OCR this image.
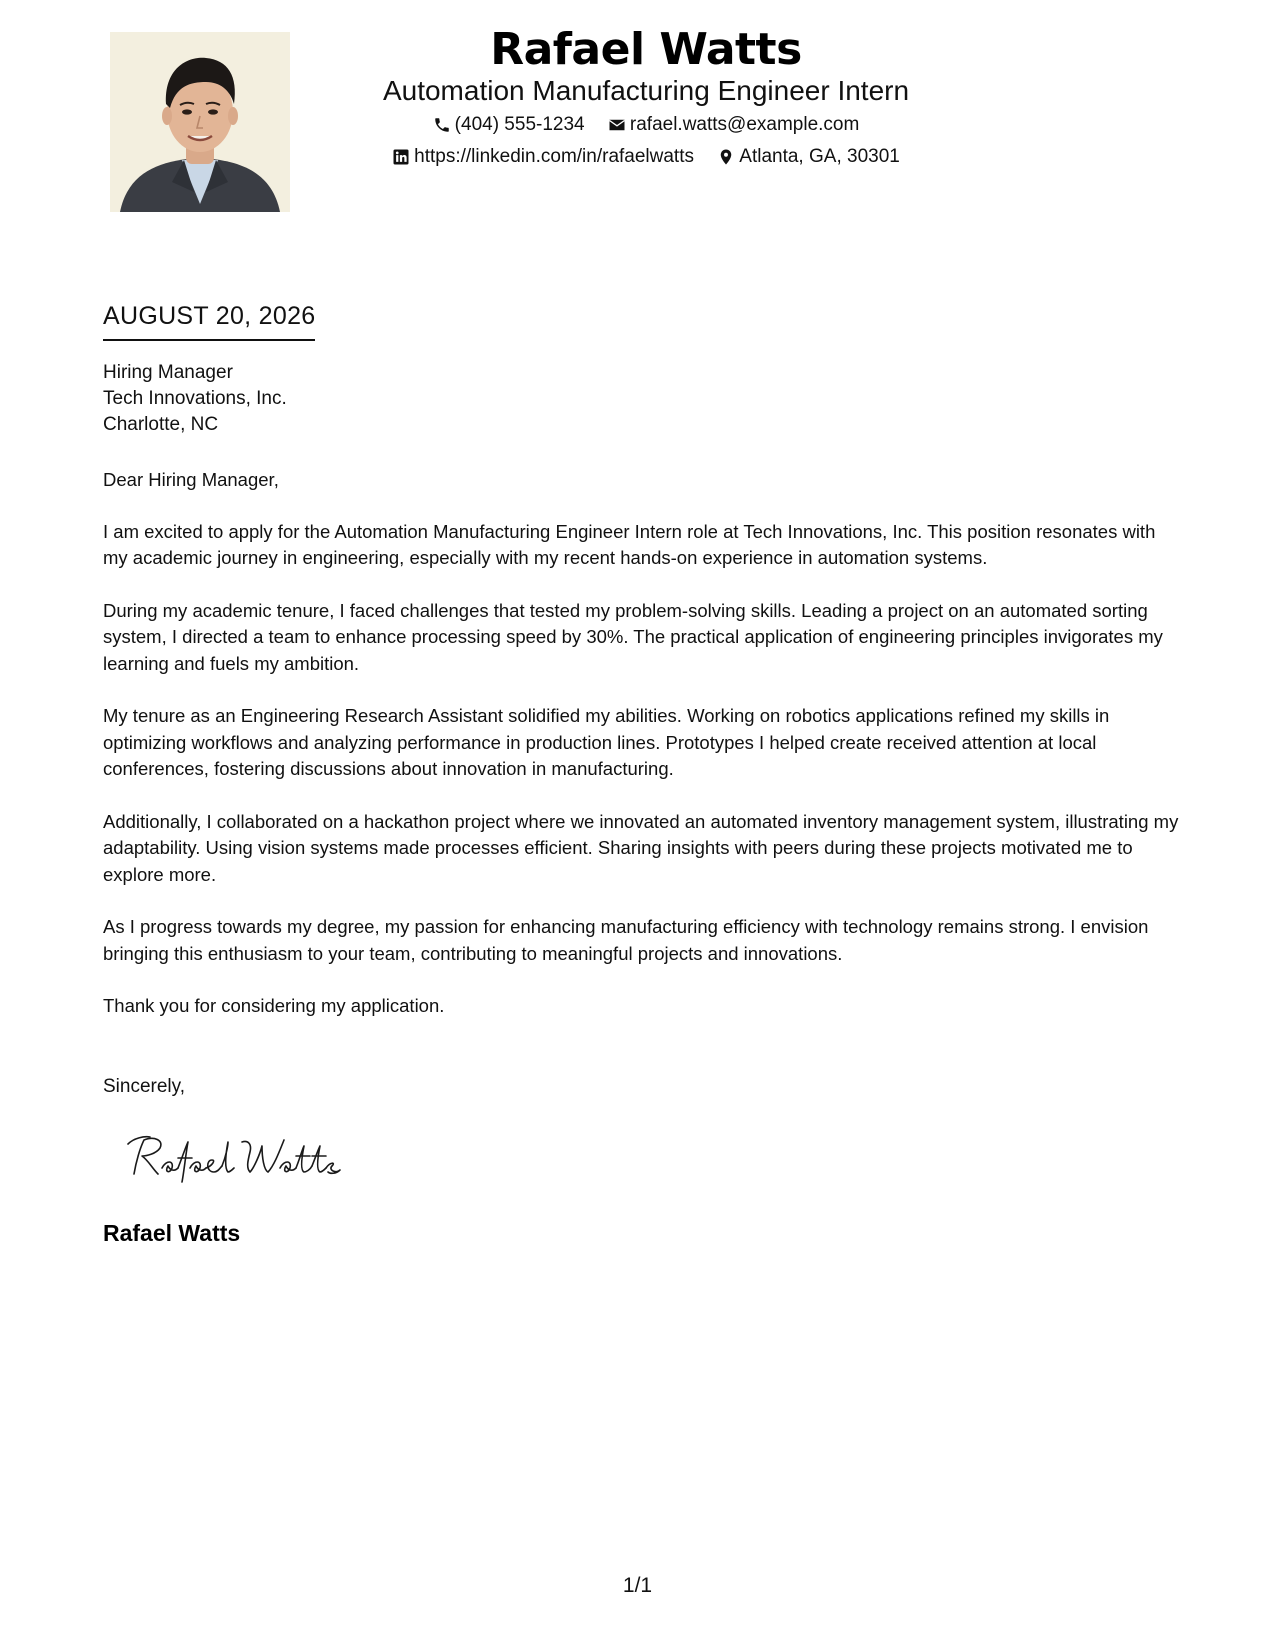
Rafael Watts
Automation Manufacturing Engineer Intern
(404) 555-1234
rafael.watts@example.com
https://linkedin.com/in/rafaelwatts
Atlanta, GA, 30301
AUGUST 20, 2026
Hiring Manager
Tech Innovations, Inc.
Charlotte, NC

Dear Hiring Manager,

I am excited to apply for the Automation Manufacturing Engineer Intern role at Tech Innovations, Inc. This position resonates with my academic journey in engineering, especially with my recent hands-on experience in automation systems.

During my academic tenure, I faced challenges that tested my problem-solving skills. Leading a project on an automated sorting system, I directed a team to enhance processing speed by 30%. The practical application of engineering principles invigorates my learning and fuels my ambition.

My tenure as an Engineering Research Assistant solidified my abilities. Working on robotics applications refined my skills in optimizing workflows and analyzing performance in production lines. Prototypes I helped create received attention at local conferences, fostering discussions about innovation in manufacturing.

Additionally, I collaborated on a hackathon project where we innovated an automated inventory management system, illustrating my adaptability. Using vision systems made processes efficient. Sharing insights with peers during these projects motivated me to explore more.

As I progress towards my degree, my passion for enhancing manufacturing efficiency with technology remains strong. I envision bringing this enthusiasm to your team, contributing to meaningful projects and innovations.

Thank you for considering my application.

Sincerely,
Rafael Watts
1/1
